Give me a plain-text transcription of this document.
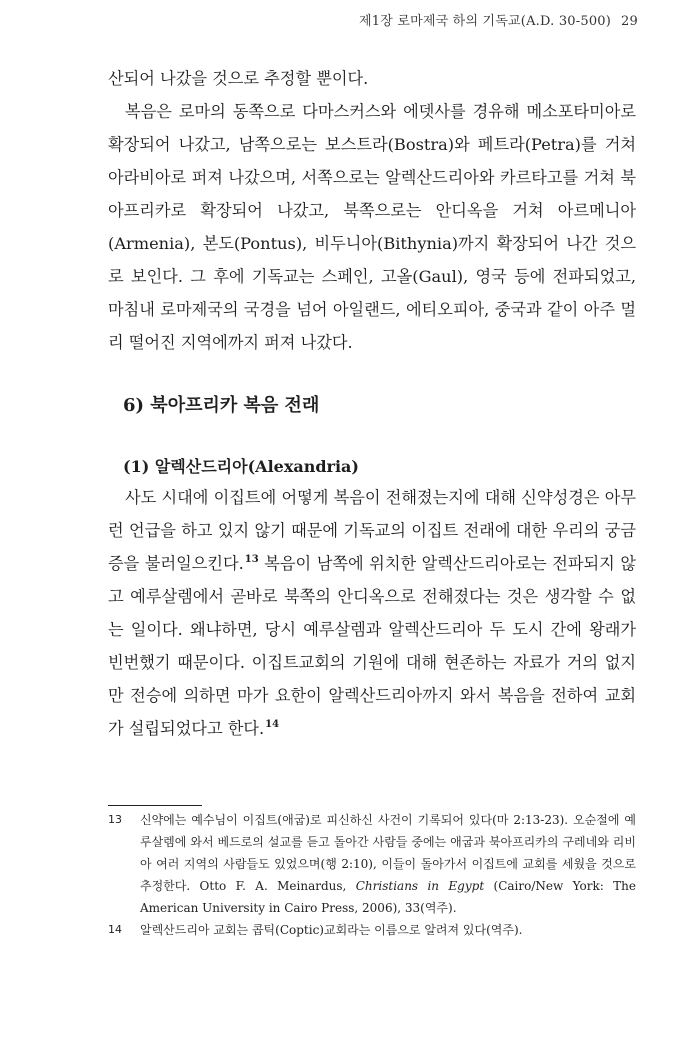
제1장 로마제국 하의 기독교(A.D. 30-500) 29

산되어 나갔을 것으로 추정할 뿐이다.

복음은 로마의 동쪽으로 다마스커스와 에뎃사를 경유해 메소포타미아로 확장되어 나갔고, 남쪽으로는 보스트라(Bostra)와 페트라(Petra)를 거쳐 아라비아로 퍼져 나갔으며, 서쪽으로는 알렉산드리아와 카르타고를 거쳐 북아프리카로 확장되어 나갔고, 북쪽으로는 안디옥을 거쳐 아르메니아(Armenia), 본도(Pontus), 비두니아(Bithynia)까지 확장되어 나간 것으로 보인다. 그 후에 기독교는 스페인, 고올(Gaul), 영국 등에 전파되었고, 마침내 로마제국의 국경을 넘어 아일랜드, 에티오피아, 중국과 같이 아주 멀리 떨어진 지역에까지 퍼져 나갔다.

6) 북아프리카 복음 전래
(1) 알렉산드리아(Alexandria)

사도 시대에 이집트에 어떻게 복음이 전해졌는지에 대해 신약성경은 아무런 언급을 하고 있지 않기 때문에 기독교의 이집트 전래에 대한 우리의 궁금증을 불러일으킨다.$^{13}$ 복음이 남쪽에 위치한 알렉산드리아로는 전파되지 않고 예루살렘에서 곧바로 북쪽의 안디옥으로 전해졌다는 것은 생각할 수 없는 일이다. 왜냐하면, 당시 예루살렘과 알렉산드리아 두 도시 간에 왕래가 빈번했기 때문이다. 이집트교회의 기원에 대해 현존하는 자료가 거의 없지만 전승에 의하면 마가 요한이 알렉산드리아까지 와서 복음을 전하여 교회가 설립되었다고 한다.$^{14}$

13 신약에는 예수님이 이집트(애굽)로 피신하신 사건이 기록되어 있다(마 2:13-23). 오순절에 예루살렘에 와서 베드로의 설교를 듣고 돌아간 사람들 중에는 애굽과 북아프리카의 구레네와 리비아 여러 지역의 사람들도 있었으며(행 2:10), 이들이 돌아가서 이집트에 교회를 세웠을 것으로 추정한다. Otto F. A. Meinardus, Christians in Egypt (Cairo/New York: The American University in Cairo Press, 2006), 33(역주).

14 알렉산드리아 교회는 콥틱(Coptic)교회라는 이름으로 알려져 있다(역주).
